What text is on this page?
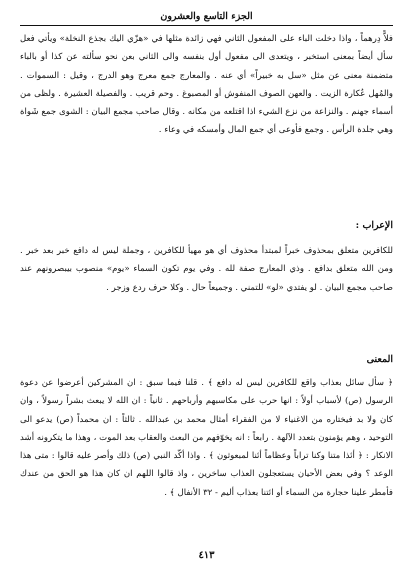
الجزء التاسع والعشرون

فلاًّ دِرهماً ، واذا دخلت الباء على المفعول الثاني فهي زائدة مثلها في «هزّي اليك بجذع النخلة» ويأتي فعل سأل أيضاً بمعنى استخبر ، ويتعدى الى مفعول أول بنفسه والى الثاني بعن نحو سألته عن كذا أو بالباء متضمنة معنى عن مثل «سل به خبيراً» أي عنه . والمعارج جمع معرج وهو الدرج ، وقيل : السموات . والمُهل عُكارة الزيت . والعهن الصوف المنفوش أو المصبوغ . وحم قريب . والفصيلة العشيرة . ولظى من أسماء جهنم . والنزاعة من نزع الشيء اذا اقتلعه من مكانه . وقال صاحب مجمع البيان : الشوى جمع شَواة وهي جلدة الرأس . وجمع فأوعى أي جمع المال وأمسكه في وعاء .

الإعراب :

للكافرين متعلق بمحذوف خبراً لمبتدأ محذوف أي هو مهيأ للكافرين ، وجملة ليس له دافع خبر بعد خبر . ومن الله متعلق بدافع . وذي المعارج صفة لله . وفي يوم تكون السماء «يوم» منصوب بيبصرونهم عند صاحب مجمع البيان . لو يفتدي «لو» للتمني . وجميعاً حال . وكلا حرف ردع وزجر .

المعنى

﴿ سأل سائل بعذاب واقع للكافرين ليس له دافع ﴾ . قلنا فيما سبق : ان المشركين أعرضوا عن دعوة الرسول (ص) لأسباب أولاً : انها حرب على مكاسبهم وأرباحهم . ثانياً : ان الله لا يبعث بشراً رسولاً ، وان كان ولا بد فيختاره من الاغنياء لا من الفقراء أمثال محمد بن عبدالله . ثالثاً : ان محمداً (ص) يدعو الى التوحيد ، وهم يؤمنون بتعدد الآلهة . رابعاً : انه يخوّفهم من البعث والعقاب بعد الموت ، وهذا ما يتكرونه أشد الانكار : ﴿ أئذا متنا وكنا تراباً وعظاماً أئنا لمبعوثون ﴾ . واذا أكّد النبي (ص) ذلك وأصر عليه قالوا : متى هذا الوعد ؟ وفي بعض الأحيان يستعجلون العذاب ساخرين ، واذ قالوا اللهم ان كان هذا هو الحق من عندك فأمطر علينا حجارة من السماء أو ائتنا بعذاب أليم - ٣٢ الأنفال ﴾ .

٤١٣
